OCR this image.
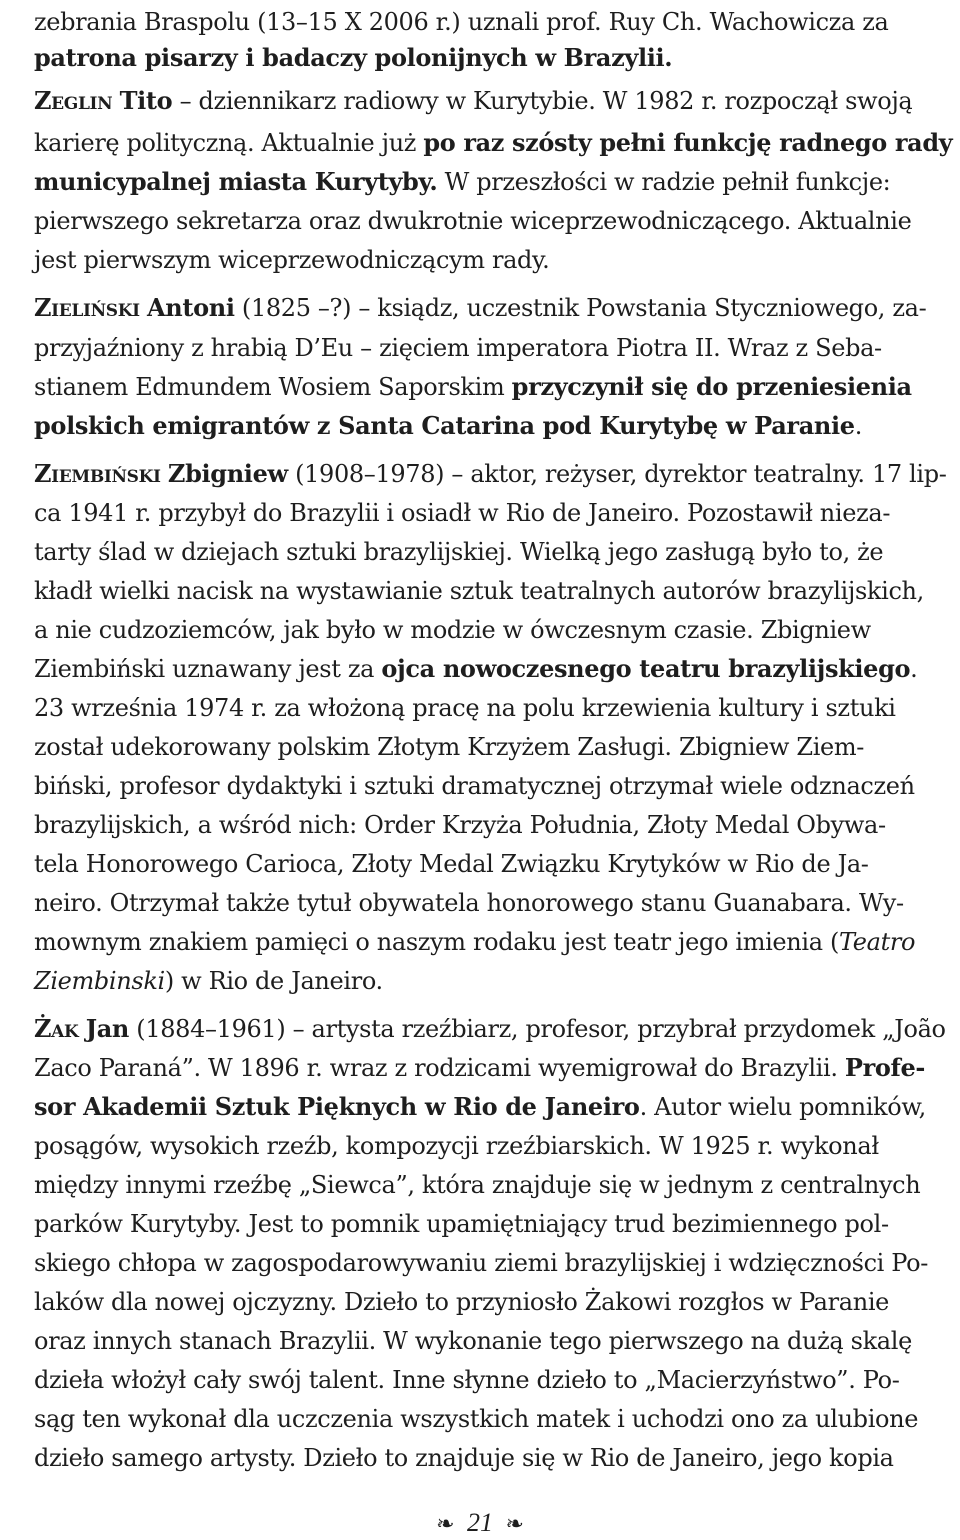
zebrania Braspolu (13–15 X 2006 r.) uznali prof. Ruy Ch. Wachowicza za
patrona pisarzy i badaczy polonijnych w Brazylii.
Zeglin Tito – dziennikarz radiowy w Kurytybie. W 1982 r. rozpoczął swoją
karierę polityczną. Aktualnie już po raz szósty pełni funkcję radnego rady
municypalnej miasta Kurytyby. W przeszłości w radzie pełnił funkcje:
pierwszego sekretarza oraz dwukrotnie wiceprzewodniczącego. Aktualnie
jest pierwszym wiceprzewodniczącym rady.
Zieliński Antoni (1825 –?) – ksiądz, uczestnik Powstania Styczniowego, za-
przyjaźniony z hrabią D’Eu – zięciem imperatora Piotra II. Wraz z Seba-
stianem Edmundem Wosiem Saporskim przyczynił się do przeniesienia
polskich emigrantów z Santa Catarina pod Kurytybę w Paranie.
Ziembiński Zbigniew (1908–1978) – aktor, reżyser, dyrektor teatralny. 17 lip-
ca 1941 r. przybył do Brazylii i osiadł w Rio de Janeiro. Pozostawił nieza-
tarty ślad w dziejach sztuki brazylijskiej. Wielką jego zasługą było to, że
kładł wielki nacisk na wystawianie sztuk teatralnych autorów brazylijskich,
a nie cudzoziemców, jak było w modzie w ówczesnym czasie. Zbigniew
Ziembiński uznawany jest za ojca nowoczesnego teatru brazylijskiego.
23 września 1974 r. za włożoną pracę na polu krzewienia kultury i sztuki
został udekorowany polskim Złotym Krzyżem Zasługi. Zbigniew Ziem-
biński, profesor dydaktyki i sztuki dramatycznej otrzymał wiele odznaczeń
brazylijskich, a wśród nich: Order Krzyża Południa, Złoty Medal Obywa-
tela Honorowego Carioca, Złoty Medal Związku Krytyków w Rio de Ja-
neiro. Otrzymał także tytuł obywatela honorowego stanu Guanabara. Wy-
mownym znakiem pamięci o naszym rodaku jest teatr jego imienia (Teatro
Ziembinski) w Rio de Janeiro.
Żak Jan (1884–1961) – artysta rzeźbiarz, profesor, przybrał przydomek „João
Zaco Paraná”. W 1896 r. wraz z rodzicami wyemigrował do Brazylii. Profe-
sor Akademii Sztuk Pięknych w Rio de Janeiro. Autor wielu pomników,
posągów, wysokich rzeźb, kompozycji rzeźbiarskich. W 1925 r. wykonał
między innymi rzeźbę „Siewca”, która znajduje się w jednym z centralnych
parków Kurytyby. Jest to pomnik upamiętniający trud bezimiennego pol-
skiego chłopa w zagospodarowywaniu ziemi brazylijskiej i wdzięczności Po-
laków dla nowej ojczyzny. Dzieło to przyniosło Żakowi rozgłos w Paranie
oraz innych stanach Brazylii. W wykonanie tego pierwszego na dużą skalę
dzieła włożył cały swój talent. Inne słynne dzieło to „Macierzyństwo”. Po-
sąg ten wykonał dla uczczenia wszystkich matek i uchodzi ono za ulubione
dzieło samego artysty. Dzieło to znajduje się w Rio de Janeiro, jego kopia
❧ 21 ❧
